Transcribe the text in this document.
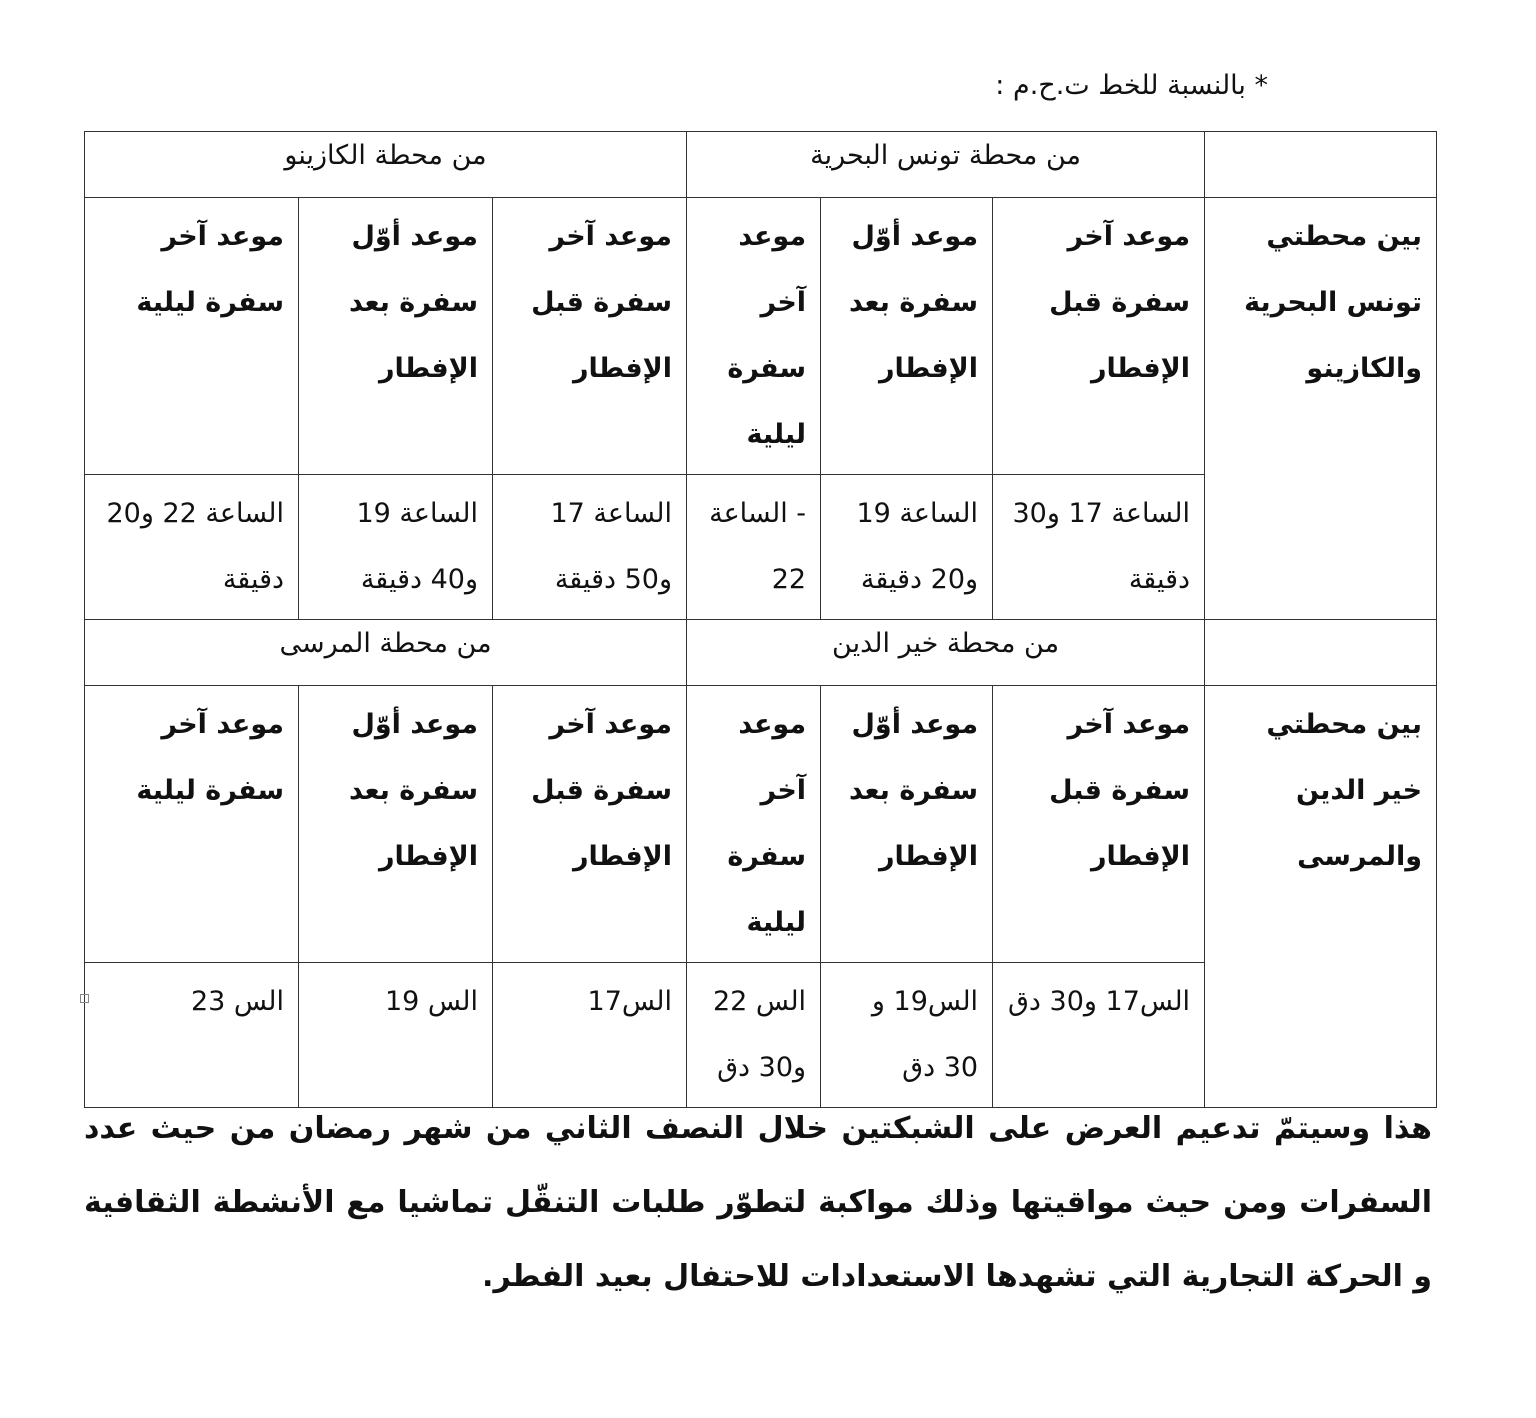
* بالنسبة للخط ت.ح.م :
	من محطة تونس البحرية			من محطة الكازينو		
بين محطتي تونس البحرية والكازينو	موعد آخر سفرة قبل الإفطار	موعد أوّل سفرة بعد الإفطار	موعد آخر سفرة ليلية	موعد آخر سفرة قبل الإفطار	موعد أوّل سفرة بعد الإفطار	موعد آخر سفرة ليلية
	الساعة 17 و30 دقيقة	الساعة 19 و20 دقيقة	- الساعة 22	الساعة 17 و50 دقيقة	الساعة 19 و40 دقيقة	الساعة 22 و20 دقيقة
	من محطة خير الدين			من محطة المرسى		
بين محطتي خير الدين والمرسى	موعد آخر سفرة قبل الإفطار	موعد أوّل سفرة بعد الإفطار	موعد آخر سفرة ليلية	موعد آخر سفرة قبل الإفطار	موعد أوّل سفرة بعد الإفطار	موعد آخر سفرة ليلية
	الس17 و30 دق	الس19 و 30 دق	الس 22 و30 دق	الس17	الس 19	الس 23
هذا وسيتمّ تدعيم العرض على الشبكتين خلال النصف الثاني من شهر رمضان من حيث عدد السفرات ومن حيث مواقيتها وذلك مواكبة لتطوّر طلبات التنقّل تماشيا مع الأنشطة الثقافية و الحركة التجارية التي تشهدها الاستعدادات للاحتفال بعيد الفطر.
